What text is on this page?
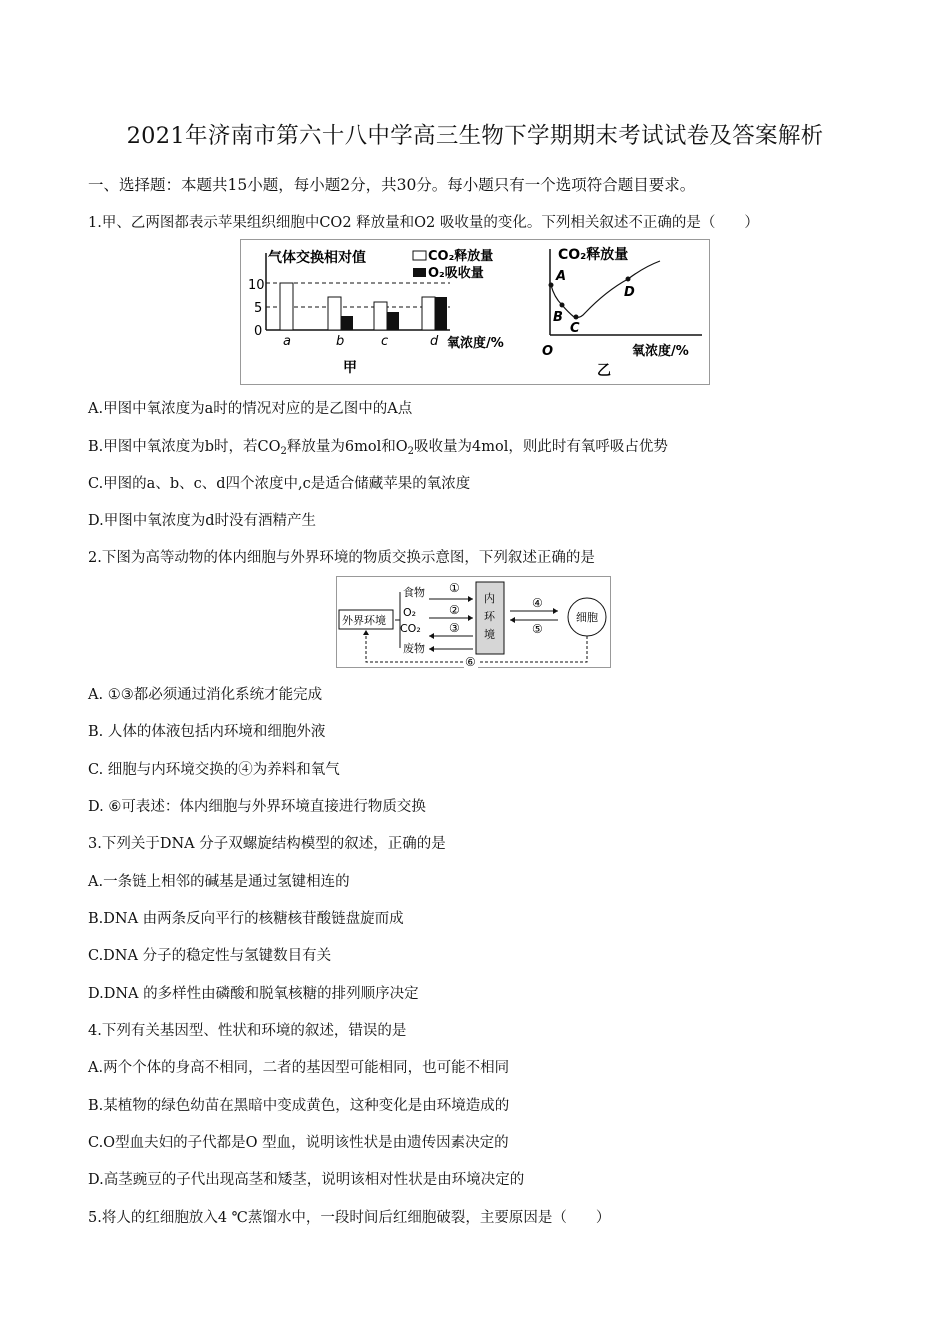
2021年济南市第六十八中学高三生物下学期期末考试试卷及答案解析
一、选择题：本题共15小题，每小题2分，共30分。每小题只有一个选项符合题目要求。
1.甲、乙两图都表示苹果组织细胞中CO2 释放量和O2 吸收量的变化。下列相关叙述不正确的是（　　）
气体交换相对值	CO₂释放量
O₂吸收量
10
5
0
a	b	c	d 氧浓度/%
甲
CO₂释放量
A
B
C
D
O	氧浓度/%
乙
A.甲图中氧浓度为a时的情况对应的是乙图中的A点
B.甲图中氧浓度为b时，若$CO_2$释放量为6mol和$O_2$吸收量为4mol，则此时有氧呼吸占优势
C.甲图的a、b、c、d四个浓度中,c是适合储藏苹果的氧浓度
D.甲图中氧浓度为d时没有酒精产生
2.下图为高等动物的体内细胞与外界环境的物质交换示意图，下列叙述正确的是
外界环境
食物
O₂
CO₂
废物
①
②
③
内
环
境
④
⑤
细胞
⑥
A. ①③都必须通过消化系统才能完成
B. 人体的体液包括内环境和细胞外液
C. 细胞与内环境交换的④为养料和氧气
D. ⑥可表述：体内细胞与外界环境直接进行物质交换
3.下列关于DNA 分子双螺旋结构模型的叙述，正确的是
A.一条链上相邻的碱基是通过氢键相连的
B.DNA 由两条反向平行的核糖核苷酸链盘旋而成
C.DNA 分子的稳定性与氢键数目有关
D.DNA 的多样性由磷酸和脱氧核糖的排列顺序决定
4.下列有关基因型、性状和环境的叙述，错误的是
A.两个个体的身高不相同，二者的基因型可能相同，也可能不相同
B.某植物的绿色幼苗在黑暗中变成黄色，这种变化是由环境造成的
C.O型血夫妇的子代都是O 型血，说明该性状是由遗传因素决定的
D.高茎豌豆的子代出现高茎和矮茎，说明该相对性状是由环境决定的
5.将人的红细胞放入4 ℃蒸馏水中，一段时间后红细胞破裂，主要原因是（　　）
